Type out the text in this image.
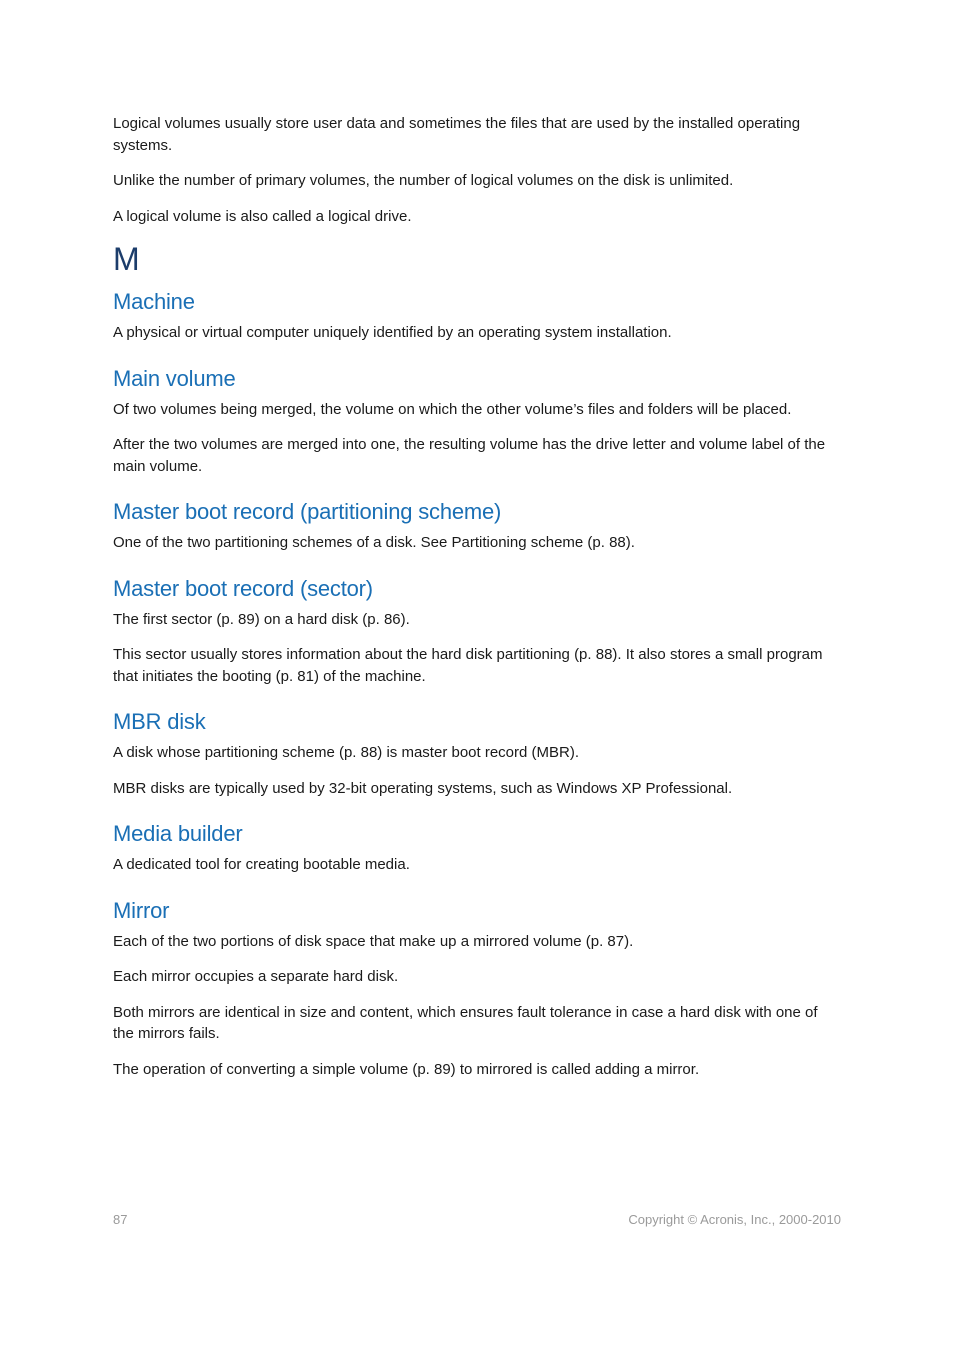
Logical volumes usually store user data and sometimes the files that are used by the installed operating systems.

Unlike the number of primary volumes, the number of logical volumes on the disk is unlimited.

A logical volume is also called a logical drive.

M
Machine

A physical or virtual computer uniquely identified by an operating system installation.

Main volume

Of two volumes being merged, the volume on which the other volume’s files and folders will be placed.

After the two volumes are merged into one, the resulting volume has the drive letter and volume label of the main volume.

Master boot record (partitioning scheme)

One of the two partitioning schemes of a disk. See Partitioning scheme (p. 88).

Master boot record (sector)

The first sector (p. 89) on a hard disk (p. 86).

This sector usually stores information about the hard disk partitioning (p. 88). It also stores a small program that initiates the booting (p. 81) of the machine.

MBR disk

A disk whose partitioning scheme (p. 88) is master boot record (MBR).

MBR disks are typically used by 32-bit operating systems, such as Windows XP Professional.

Media builder

A dedicated tool for creating bootable media.

Mirror

Each of the two portions of disk space that make up a mirrored volume (p. 87).

Each mirror occupies a separate hard disk.

Both mirrors are identical in size and content, which ensures fault tolerance in case a hard disk with one of the mirrors fails.

The operation of converting a simple volume (p. 89) to mirrored is called adding a mirror.

87	Copyright © Acronis, Inc., 2000-2010
